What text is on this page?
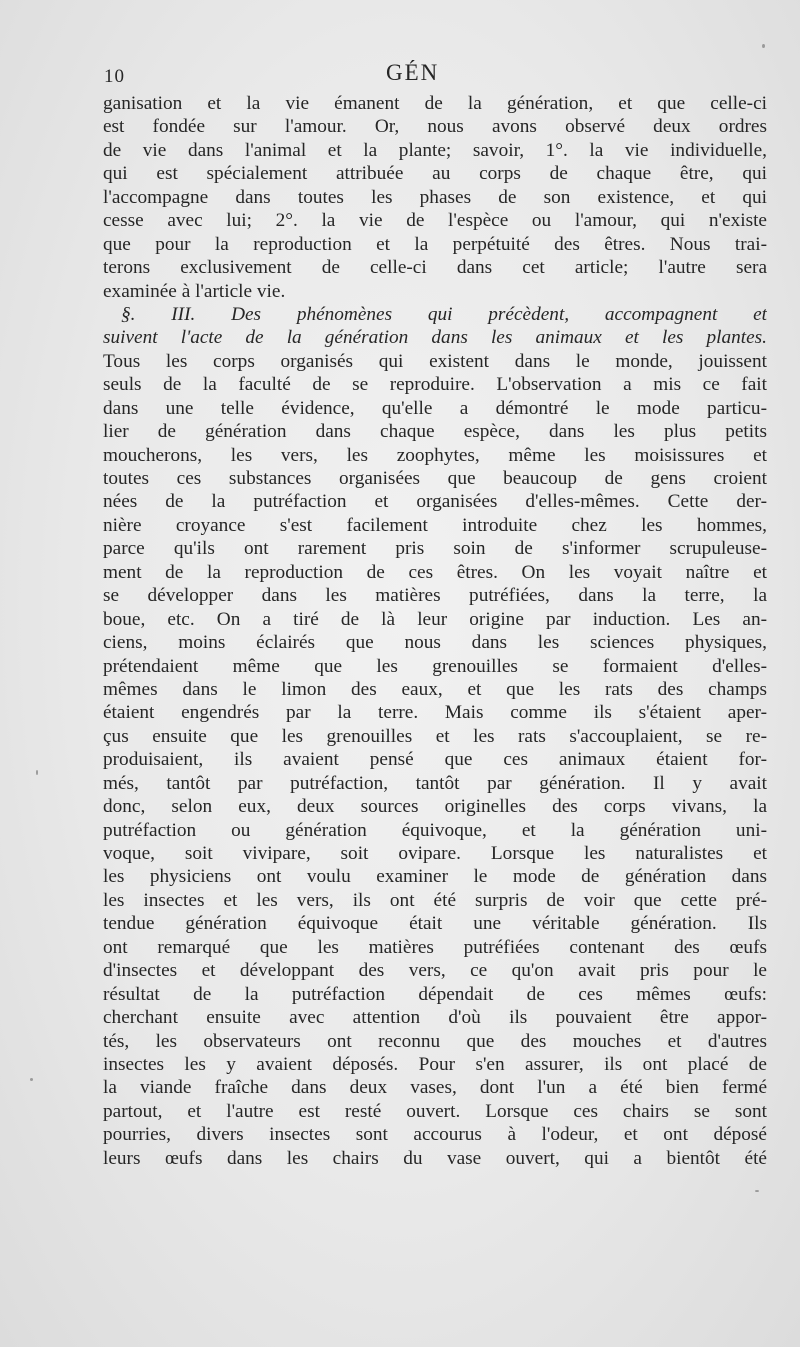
10	GÉN
ganisation et la vie émanent de la génération, et que celle-ci
est fondée sur l'amour. Or, nous avons observé deux ordres
de vie dans l'animal et la plante; savoir, 1°. la vie individuelle,
qui est spécialement attribuée au corps de chaque être, qui
l'accompagne dans toutes les phases de son existence, et qui
cesse avec lui; 2°. la vie de l'espèce ou l'amour, qui n'existe
que pour la reproduction et la perpétuité des êtres. Nous trai-
terons exclusivement de celle-ci dans cet article; l'autre sera
examinée à l'article vie.
§. III. Des phénomènes qui précèdent, accompagnent et
suivent l'acte de la génération dans les animaux et les plantes.
Tous les corps organisés qui existent dans le monde, jouissent
seuls de la faculté de se reproduire. L'observation a mis ce fait
dans une telle évidence, qu'elle a démontré le mode particu-
lier de génération dans chaque espèce, dans les plus petits
moucherons, les vers, les zoophytes, même les moisissures et
toutes ces substances organisées que beaucoup de gens croient
nées de la putréfaction et organisées d'elles-mêmes. Cette der-
nière croyance s'est facilement introduite chez les hommes,
parce qu'ils ont rarement pris soin de s'informer scrupuleuse-
ment de la reproduction de ces êtres. On les voyait naître et
se développer dans les matières putréfiées, dans la terre, la
boue, etc. On a tiré de là leur origine par induction. Les an-
ciens, moins éclairés que nous dans les sciences physiques,
prétendaient même que les grenouilles se formaient d'elles-
mêmes dans le limon des eaux, et que les rats des champs
étaient engendrés par la terre. Mais comme ils s'étaient aper-
çus ensuite que les grenouilles et les rats s'accouplaient, se re-
produisaient, ils avaient pensé que ces animaux étaient for-
més, tantôt par putréfaction, tantôt par génération. Il y avait
donc, selon eux, deux sources originelles des corps vivans, la
putréfaction ou génération équivoque, et la génération uni-
voque, soit vivipare, soit ovipare. Lorsque les naturalistes et
les physiciens ont voulu examiner le mode de génération dans
les insectes et les vers, ils ont été surpris de voir que cette pré-
tendue génération équivoque était une véritable génération. Ils
ont remarqué que les matières putréfiées contenant des œufs
d'insectes et développant des vers, ce qu'on avait pris pour le
résultat de la putréfaction dépendait de ces mêmes œufs:
cherchant ensuite avec attention d'où ils pouvaient être appor-
tés, les observateurs ont reconnu que des mouches et d'autres
insectes les y avaient déposés. Pour s'en assurer, ils ont placé de
la viande fraîche dans deux vases, dont l'un a été bien fermé
partout, et l'autre est resté ouvert. Lorsque ces chairs se sont
pourries, divers insectes sont accourus à l'odeur, et ont déposé
leurs œufs dans les chairs du vase ouvert, qui a bientôt été
